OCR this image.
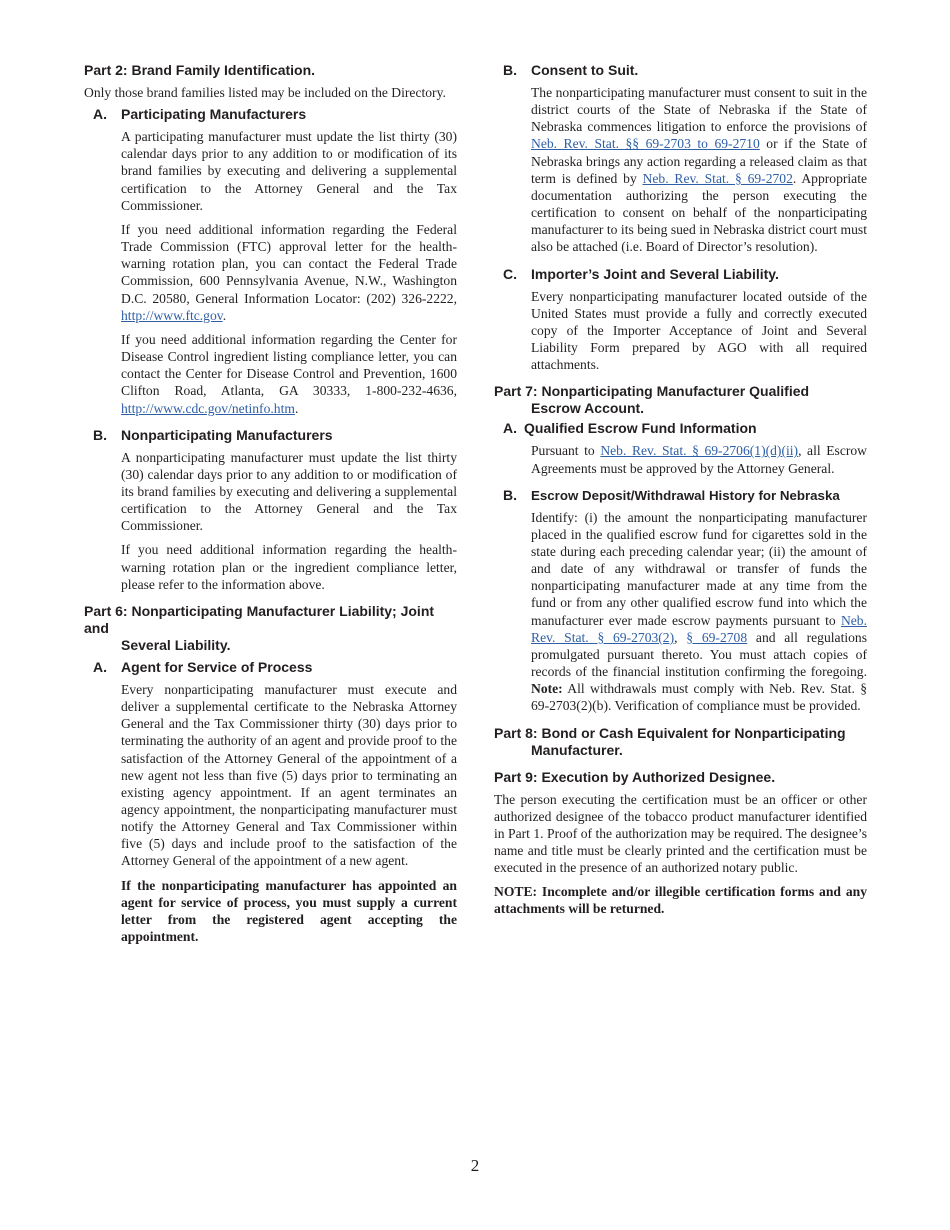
Part 2: Brand Family Identification.

Only those brand families listed may be included on the Directory.

A. Participating Manufacturers

A participating manufacturer must update the list thirty (30) calendar days prior to any addition to or modification of its brand families by executing and delivering a supplemental certification to the Attorney General and the Tax Commissioner.

If you need additional information regarding the Federal Trade Commission (FTC) approval letter for the health-warning rotation plan, you can contact the Federal Trade Commission, 600 Pennsylvania Avenue, N.W., Washington D.C. 20580, General Information Locator: (202) 326-2222, http://www.ftc.gov.

If you need additional information regarding the Center for Disease Control ingredient listing compliance letter, you can contact the Center for Disease Control and Prevention, 1600 Clifton Road, Atlanta, GA 30333, 1-800-232-4636, http://www.cdc.gov/netinfo.htm.

B. Nonparticipating Manufacturers

A nonparticipating manufacturer must update the list thirty (30) calendar days prior to any addition to or modification of its brand families by executing and delivering a supplemental certification to the Attorney General and the Tax Commissioner.

If you need additional information regarding the health-warning rotation plan or the ingredient compliance letter, please refer to the information above.

Part 6: Nonparticipating Manufacturer Liability; Joint and
Several Liability.
A. Agent for Service of Process

Every nonparticipating manufacturer must execute and deliver a supplemental certificate to the Nebraska Attorney General and the Tax Commissioner thirty (30) days prior to terminating the authority of an agent and provide proof to the satisfaction of the Attorney General of the appointment of a new agent not less than five (5) days prior to terminating an existing agency appointment. If an agent terminates an agency appointment, the nonparticipating manufacturer must notify the Attorney General and Tax Commissioner within five (5) days and include proof to the satisfaction of the Attorney General of the appointment of a new agent.

If the nonparticipating manufacturer has appointed an agent for service of process, you must supply a current letter from the registered agent accepting the appointment.

B. Consent to Suit.

The nonparticipating manufacturer must consent to suit in the district courts of the State of Nebraska if the State of Nebraska commences litigation to enforce the provisions of Neb. Rev. Stat. §§ 69-2703 to 69-2710 or if the State of Nebraska brings any action regarding a released claim as that term is defined by Neb. Rev. Stat. § 69-2702. Appropriate documentation authorizing the person executing the certification to consent on behalf of the nonparticipating manufacturer to its being sued in Nebraska district court must also be attached (i.e. Board of Director’s resolution).

C. Importer’s Joint and Several Liability.

Every nonparticipating manufacturer located outside of the United States must provide a fully and correctly executed copy of the Importer Acceptance of Joint and Several Liability Form prepared by AGO with all required attachments.

Part 7: Nonparticipating Manufacturer Qualified
Escrow Account.
A. Qualified Escrow Fund Information

Pursuant to Neb. Rev. Stat. § 69-2706(1)(d)(ii), all Escrow Agreements must be approved by the Attorney General.

B. Escrow Deposit/Withdrawal History for Nebraska

Identify: (i) the amount the nonparticipating manufacturer placed in the qualified escrow fund for cigarettes sold in the state during each preceding calendar year; (ii) the amount of and date of any withdrawal or transfer of funds the nonparticipating manufacturer made at any time from the fund or from any other qualified escrow fund into which the manufacturer ever made escrow payments pursuant to Neb. Rev. Stat. § 69-2703(2), § 69-2708 and all regulations promulgated pursuant thereto. You must attach copies of records of the financial institution confirming the foregoing. Note: All withdrawals must comply with Neb. Rev. Stat. § 69-2703(2)(b). Verification of compliance must be provided.

Part 8: Bond or Cash Equivalent for Nonparticipating
Manufacturer.
Part 9: Execution by Authorized Designee.

The person executing the certification must be an officer or other authorized designee of the tobacco product manufacturer identified in Part 1. Proof of the authorization may be required. The designee’s name and title must be clearly printed and the certification must be executed in the presence of an authorized notary public.

NOTE: Incomplete and/or illegible certification forms and any attachments will be returned.

2
